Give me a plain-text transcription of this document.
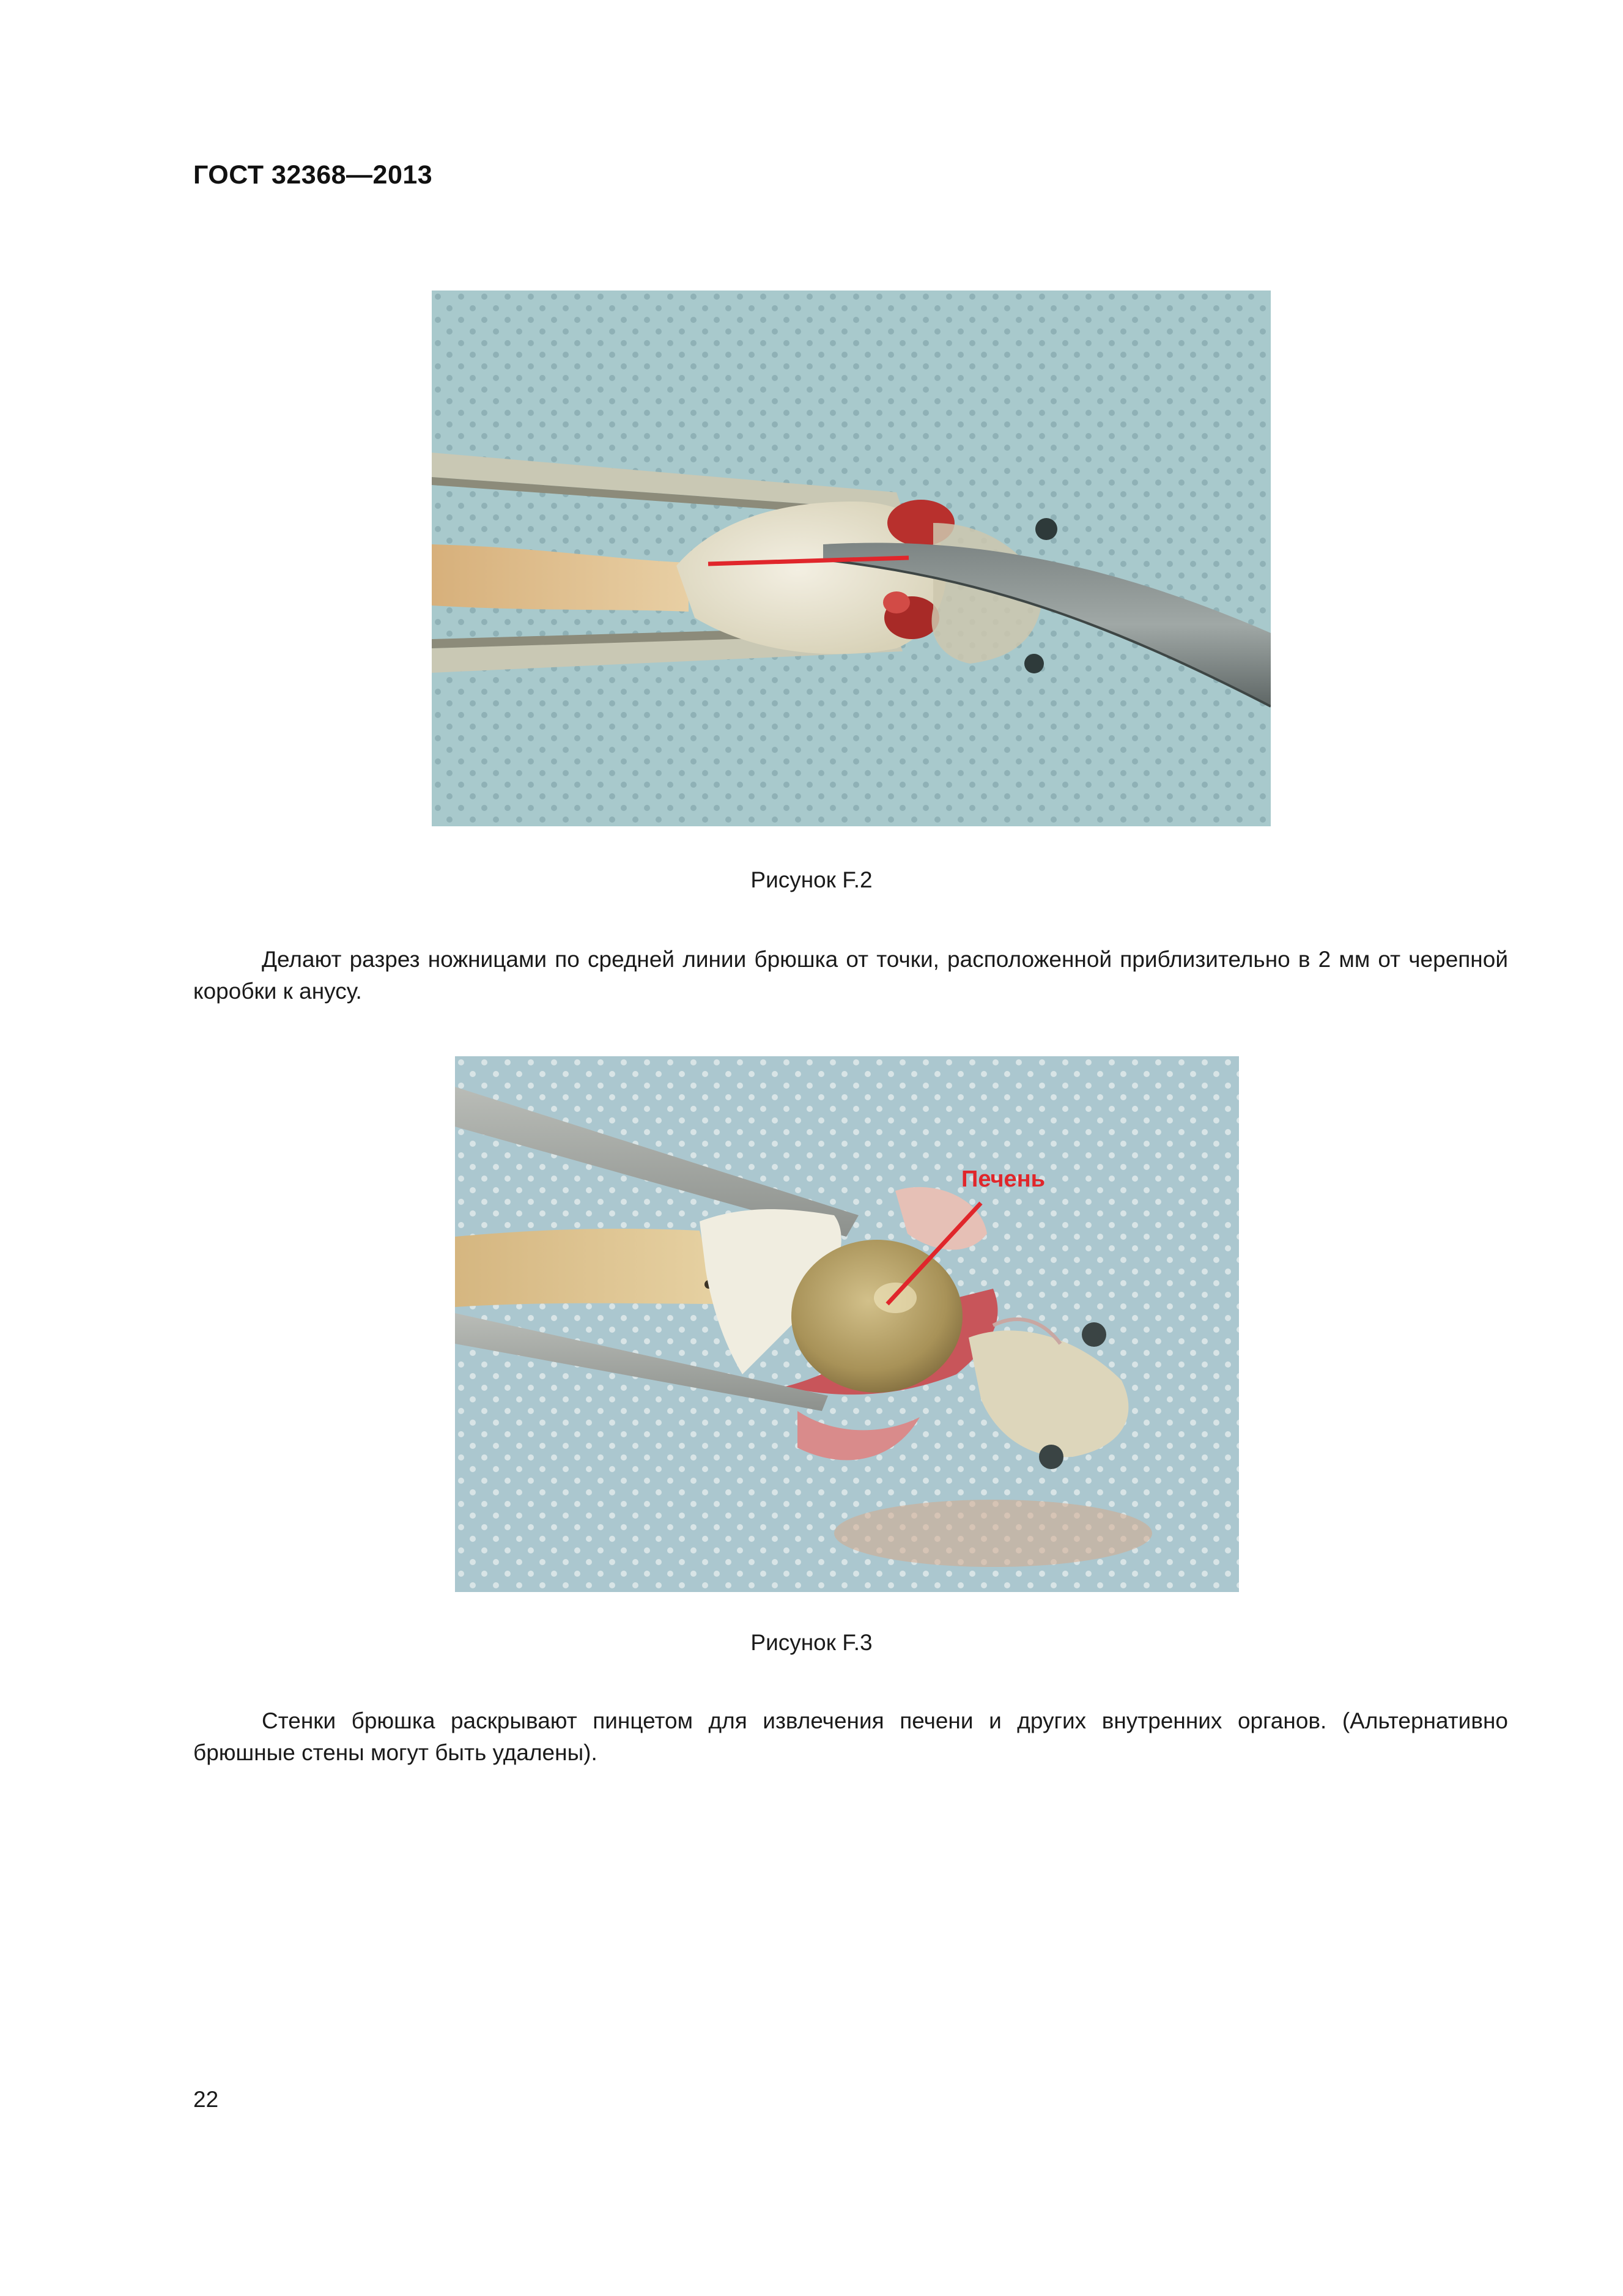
ГОСТ 32368—2013
Рисунок F.2
Делают разрез ножницами по средней линии брюшка от точки, расположенной приблизительно в 2 мм от черепной коробки к анусу.
Печень
Рисунок F.3
Стенки брюшка раскрывают пинцетом для извлечения печени и других внутренних органов. (Альтернативно брюшные стены могут быть удалены).
22
